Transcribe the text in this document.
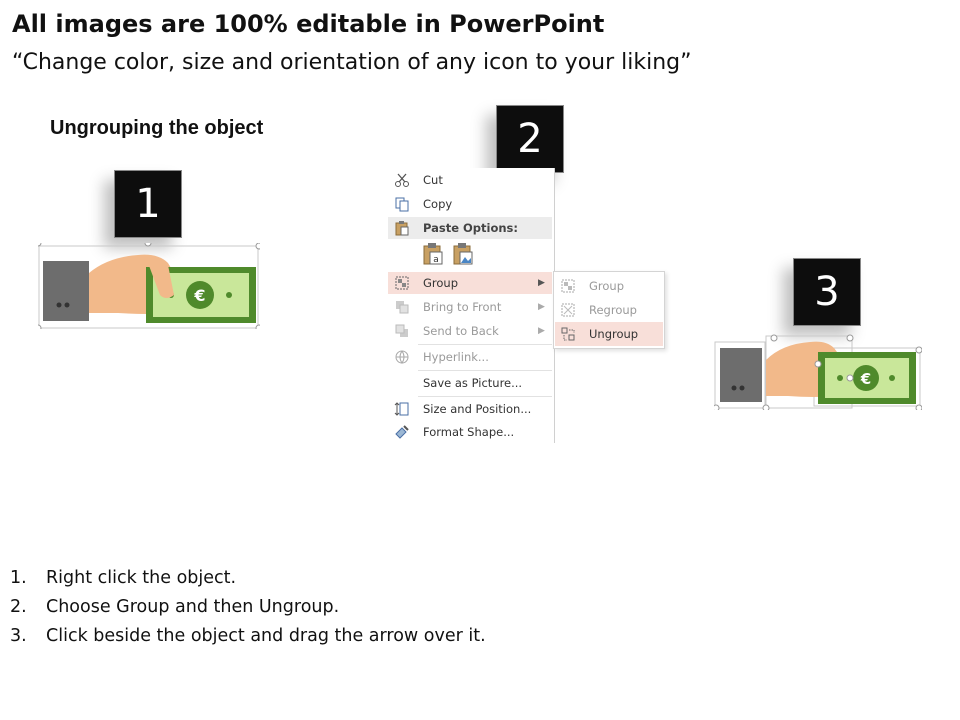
All images are 100% editable in PowerPoint
“Change color, size and orientation of any icon to your liking”
Ungrouping the object
1
€
2
Cut
Copy
Paste Options:
a
Group	▶
Bring to Front	▶
Send to Back	▶
Hyperlink...
Save as Picture...
Size and Position...
Format Shape...
Group
Regroup
Ungroup
3
€
1.	Right click the object.
2.	Choose Group and then Ungroup.
3.	Click beside the object and drag the arrow over it.
